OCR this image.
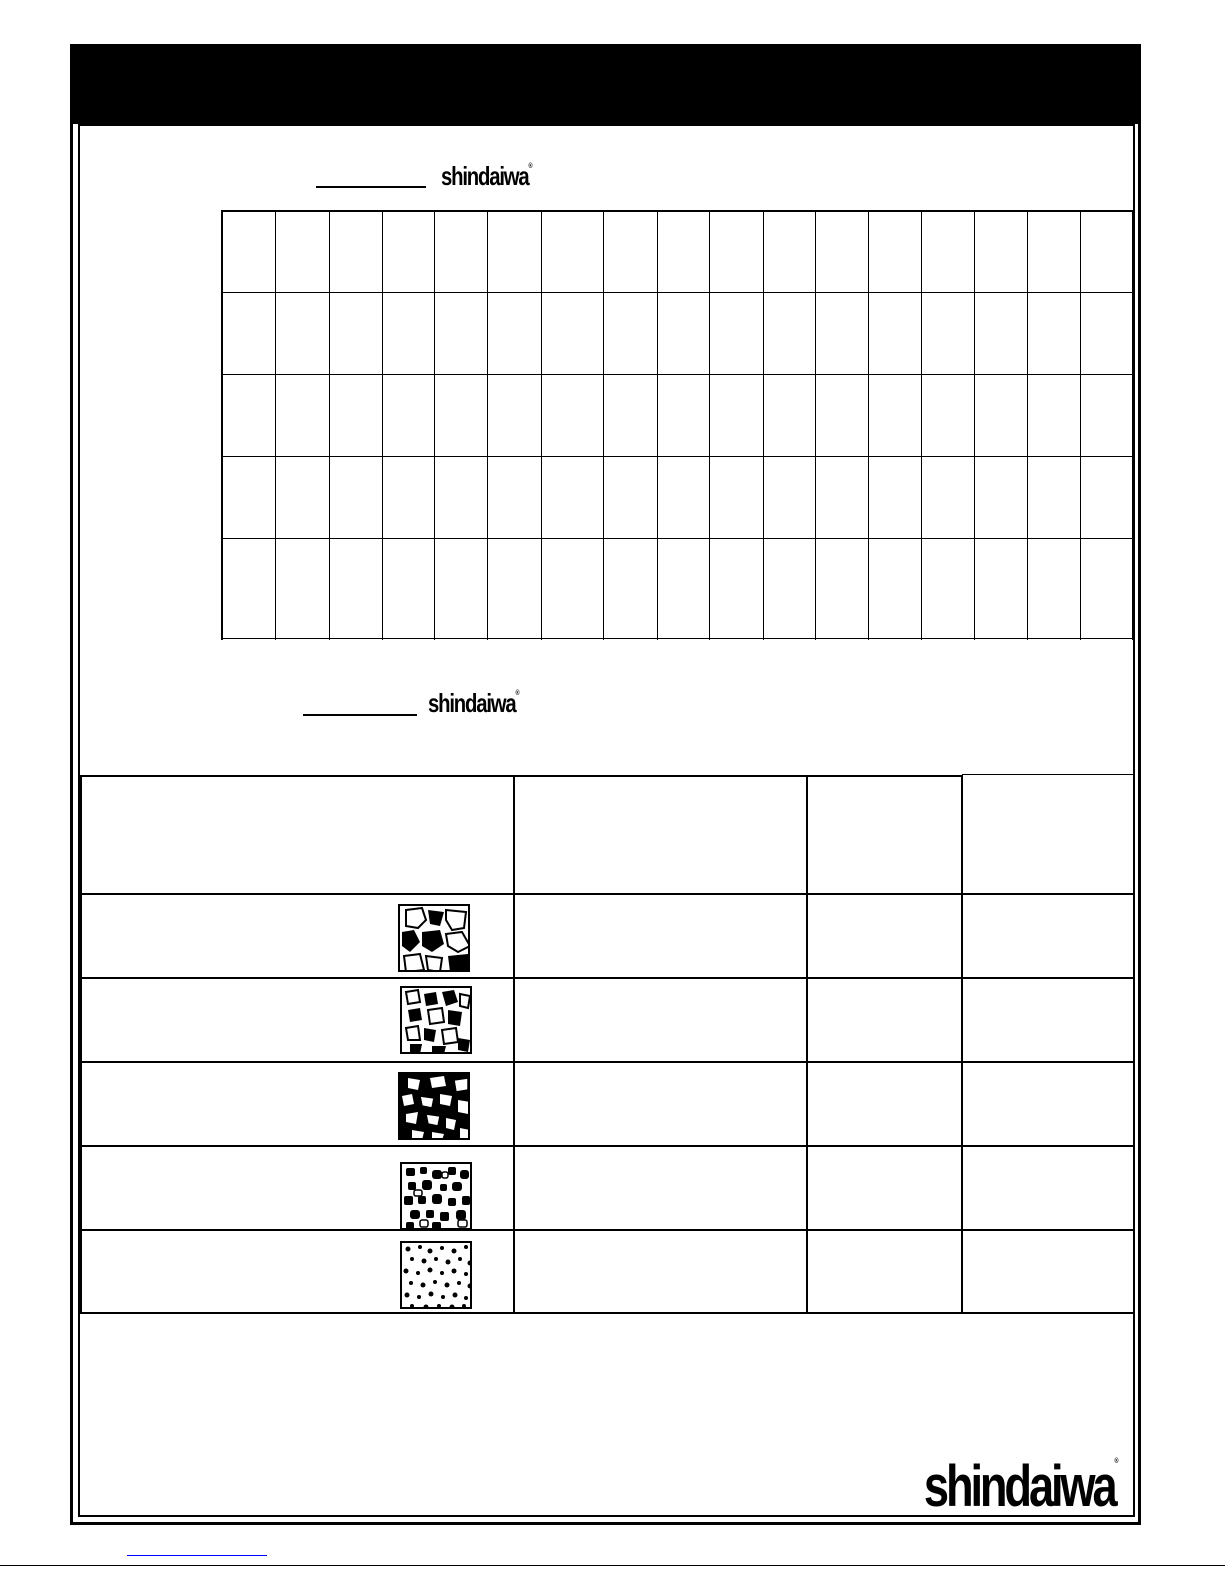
shindaiwa®
shindaiwa®
shindaiwa®
